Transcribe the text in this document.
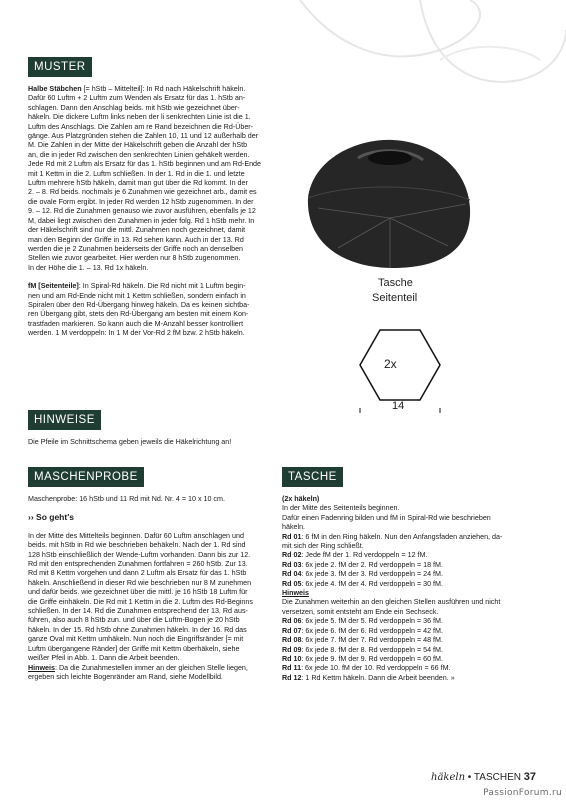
MUSTER

Halbe Stäbchen [= hStb – Mittelteil]: In Rd nach Häkelschrift häkeln.

Dafür 60 Luftm + 2 Luftm zum Wenden als Ersatz für das 1. hStb an-

schlagen. Dann den Anschlag beids. mit hStb wie gezeichnet über-

häkeln. Die dickere Luftm links neben der li senkrechten Linie ist die 1.

Luftm des Anschlags. Die Zahlen am re Rand bezeichnen die Rd-Über-

gänge. Aus Platzgründen stehen die Zahlen 10, 11 und 12 außerhalb der

M. Die Zahlen in der Mitte der Häkelschrift geben die Anzahl der hStb

an, die in jeder Rd zwischen den senkrechten Linien gehäkelt werden.

Jede Rd mit 2 Luftm als Ersatz für das 1. hStb beginnen und am Rd-Ende

mit 1 Kettm in die 2. Luftm schließen. In der 1. Rd in die 1. und letzte

Luftm mehrere hStb häkeln, damit man gut über die Rd kommt. In der

2. – 8. Rd beids. nochmals je 6 Zunahmen wie gezeichnet arb., damit es

die ovale Form ergibt. In jeder Rd werden 12 hStb zugenommen. In der

9. – 12. Rd die Zunahmen genauso wie zuvor ausführen, ebenfalls je 12

M, dabei liegt zwischen den Zunahmen in jeder folg. Rd 1 hStb mehr. In

der Häkelschrift sind nur die mittl. Zunahmen noch gezeichnet, damit

man den Beginn der Griffe in 13. Rd sehen kann. Auch in der 13. Rd

werden die je 2 Zunahmen beiderseits der Griffe noch an denselben

Stellen wie zuvor gearbeitet. Hier werden nur 8 hStb zugenommen.

In der Höhe die 1. – 13. Rd 1x häkeln.

fM [Seitenteile]: In Spiral-Rd häkeln. Die Rd nicht mit 1 Luftm begin-

nen und am Rd-Ende nicht mit 1 Kettm schließen, sondern einfach in

Spiralen über den Rd-Übergang hinweg häkeln. Da es keinen sichtba-

ren Übergang gibt, stets den Rd-Übergang am besten mit einem Kon-

trastfaden markieren. So kann auch die M-Anzahl besser kontrolliert

werden. 1 M verdoppeln: In 1 M der Vor-Rd 2 fM bzw. 2 hStb häkeln.

Tasche
Seitenteil
2x
14
HINWEISE
Die Pfeile im Schnittschema geben jeweils die Häkelrichtung an!
MASCHENPROBE

Maschenprobe: 16 hStb und 11 Rd mit Nd. Nr. 4 = 10 x 10 cm.

›› So geht's

In der Mitte des Mittelteils beginnen. Dafür 60 Luftm anschlagen und

beids. mit hStb in Rd wie beschrieben behäkeln. Nach der 1. Rd sind

128 hStb einschließlich der Wende-Luftm vorhanden. Dann bis zur 12.

Rd mit den entsprechenden Zunahmen fortfahren = 260 hStb. Zur 13.

Rd mit 8 Kettm vorgehen und dann 2 Luftm als Ersatz für das 1. hStb

häkeln. Anschließend in dieser Rd wie beschrieben nur 8 M zunehmen

und dafür beids. wie gezeichnet über die mittl. je 16 hStb 18 Luftm für

die Griffe einhäkeln. Die Rd mit 1 Kettm in die 2. Luftm des Rd-Beginns

schließen. In der 14. Rd die Zunahmen entsprechend der 13. Rd aus-

führen, also auch 8 hStb zun. und über die Luftm-Bogen je 20 hStb

häkeln. In der 15. Rd hStb ohne Zunahmen häkeln. In der 16. Rd das

ganze Oval mit Kettm umhäkeln. Nun noch die Eingriffsränder [= mit

Luftm übergangene Ränder] der Griffe mit Kettm überhäkeln, siehe

weißer Pfeil in Abb. 1. Dann die Arbeit beenden.

Hinweis: Da die Zunahmestellen immer an der gleichen Stelle liegen,

ergeben sich leichte Bogenränder am Rand, siehe Modellbild.

TASCHE

(2x häkeln)

In der Mitte des Seitenteils beginnen.

Dafür einen Fadenring bilden und fM in Spiral-Rd wie beschrieben

häkeln.

Rd 01: 6 fM in den Ring häkeln. Nun den Anfangsfaden anziehen, da-

mit sich der Ring schließt.

Rd 02: Jede fM der 1. Rd verdoppeln = 12 fM.

Rd 03: 6x jede 2. fM der 2. Rd verdoppeln = 18 fM.

Rd 04: 6x jede 3. fM der 3. Rd verdoppeln = 24 fM.

Rd 05: 6x jede 4. fM der 4. Rd verdoppeln = 30 fM.

Hinweis

Die Zunahmen weiterhin an den gleichen Stellen ausführen und nicht

versetzen, somit entsteht am Ende ein Sechseck.

Rd 06: 6x jede 5. fM der 5. Rd verdoppeln = 36 fM.

Rd 07: 6x jede 6. fM der 6. Rd verdoppeln = 42 fM.

Rd 08: 6x jede 7. fM der 7. Rd verdoppeln = 48 fM.

Rd 09: 6x jede 8. fM der 8. Rd verdoppeln = 54 fM.

Rd 10: 6x jede 9. fM der 9. Rd verdoppeln = 60 fM.

Rd 11: 6x jede 10. fM der 10. Rd verdoppeln = 66 fM.

Rd 12: 1 Rd Kettm häkeln. Dann die Arbeit beenden. »

häkeln • TASCHEN 37
PassionForum.ru
